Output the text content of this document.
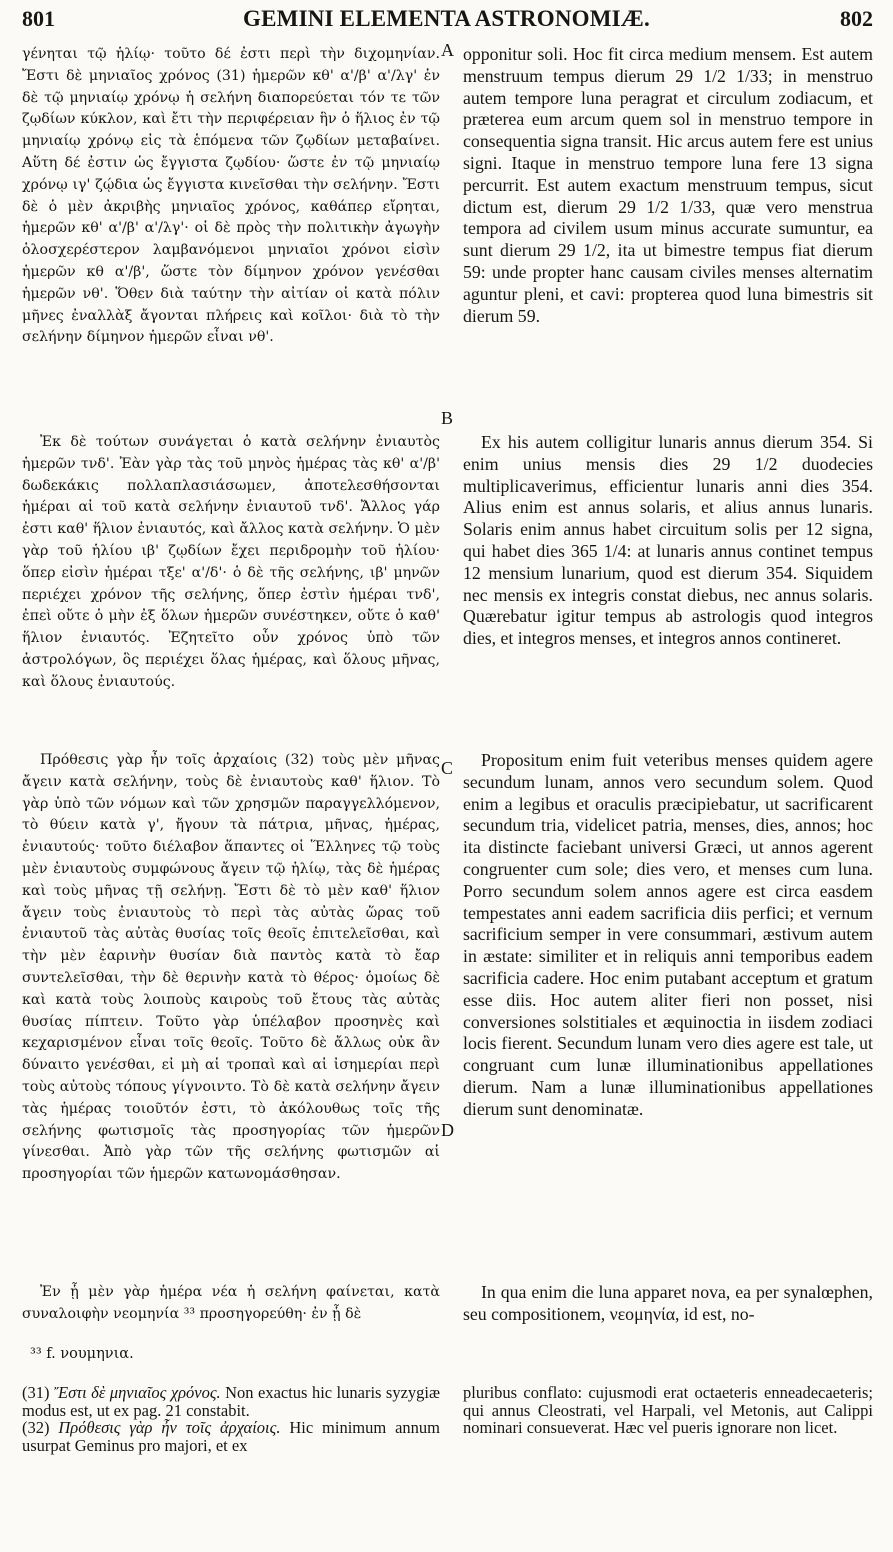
801	GEMINI ELEMENTA ASTRONOMIÆ.	802
A
B
C
D

γένηται τῷ ἡλίῳ· τοῦτο δέ ἐστι περὶ τὴν διχομηνίαν. Ἔστι δὲ μηνιαῖος χρόνος (31) ἡμερῶν κθ' α'/β' α'/λγ' ἐν δὲ τῷ μηνιαίῳ χρόνῳ ἡ σελήνη διαπορεύεται τόν τε τῶν ζῳδίων κύκλον, καὶ ἔτι τὴν περιφέρειαν ἣν ὁ ἥλιος ἐν τῷ μηνιαίῳ χρόνῳ εἰς τὰ ἑπόμενα τῶν ζῳδίων μεταβαίνει. Αὕτη δέ ἐστιν ὡς ἔγγιστα ζῳδίου· ὥστε ἐν τῷ μηνιαίῳ χρόνῳ ιγ' ζῴδια ὡς ἔγγιστα κινεῖσθαι τὴν σελήνην. Ἔστι δὲ ὁ μὲν ἀκριβὴς μηνιαῖος χρόνος, καθάπερ εἴρηται, ἡμερῶν κθ' α'/β' α'/λγ'· οἱ δὲ πρὸς τὴν πολιτικὴν ἀγωγὴν ὁλοσχερέστερον λαμβανόμενοι μηνιαῖοι χρόνοι εἰσὶν ἡμερῶν κθ α'/β', ὥστε τὸν δίμηνον χρόνον γενέσθαι ἡμερῶν νθ'. Ὅθεν διὰ ταύτην τὴν αἰτίαν οἱ κατὰ πόλιν μῆνες ἐναλλὰξ ἄγονται πλήρεις καὶ κοῖλοι· διὰ τὸ τὴν σελήνην δίμηνον ἡμερῶν εἶναι νθ'.

Ἐκ δὲ τούτων συνάγεται ὁ κατὰ σελήνην ἐνιαυτὸς ἡμερῶν τνδ'. Ἐὰν γὰρ τὰς τοῦ μηνὸς ἡμέρας τὰς κθ' α'/β' δωδεκάκις πολλαπλασιάσωμεν, ἀποτελεσθήσονται ἡμέραι αἱ τοῦ κατὰ σελήνην ἐνιαυτοῦ τνδ'. Ἄλλος γάρ ἐστι καθ' ἥλιον ἐνιαυτός, καὶ ἄλλος κατὰ σελήνην. Ὁ μὲν γὰρ τοῦ ἡλίου ιβ' ζῳδίων ἔχει περιδρομὴν τοῦ ἡλίου· ὅπερ εἰσὶν ἡμέραι τξε' α'/δ'· ὁ δὲ τῆς σελήνης, ιβ' μηνῶν περιέχει χρόνον τῆς σελήνης, ὅπερ ἐστὶν ἡμέραι τνδ', ἐπεὶ οὔτε ὁ μὴν ἐξ ὅλων ἡμερῶν συνέστηκεν, οὔτε ὁ καθ' ἥλιον ἐνιαυτός. Ἐζητεῖτο οὖν χρόνος ὑπὸ τῶν ἀστρολόγων, ὃς περιέχει ὅλας ἡμέρας, καὶ ὅλους μῆνας, καὶ ὅλους ἐνιαυτούς.

Πρόθεσις γὰρ ἦν τοῖς ἀρχαίοις (32) τοὺς μὲν μῆνας ἄγειν κατὰ σελήνην, τοὺς δὲ ἐνιαυτοὺς καθ' ἥλιον. Τὸ γὰρ ὑπὸ τῶν νόμων καὶ τῶν χρησμῶν παραγγελλόμενον, τὸ θύειν κατὰ γ', ἤγουν τὰ πάτρια, μῆνας, ἡμέρας, ἐνιαυτούς· τοῦτο διέλαβον ἅπαντες οἱ Ἕλληνες τῷ τοὺς μὲν ἐνιαυτοὺς συμφώνους ἄγειν τῷ ἡλίῳ, τὰς δὲ ἡμέρας καὶ τοὺς μῆνας τῇ σελήνῃ. Ἔστι δὲ τὸ μὲν καθ' ἥλιον ἄγειν τοὺς ἐνιαυτοὺς τὸ περὶ τὰς αὐτὰς ὥρας τοῦ ἐνιαυτοῦ τὰς αὐτὰς θυσίας τοῖς θεοῖς ἐπιτελεῖσθαι, καὶ τὴν μὲν ἐαρινὴν θυσίαν διὰ παντὸς κατὰ τὸ ἔαρ συντελεῖσθαι, τὴν δὲ θερινὴν κατὰ τὸ θέρος· ὁμοίως δὲ καὶ κατὰ τοὺς λοιποὺς καιροὺς τοῦ ἔτους τὰς αὐτὰς θυσίας πίπτειν. Τοῦτο γὰρ ὑπέλαβον προσηνὲς καὶ κεχαρισμένον εἶναι τοῖς θεοῖς. Τοῦτο δὲ ἄλλως οὐκ ἂν δύναιτο γενέσθαι, εἰ μὴ αἱ τροπαὶ καὶ αἱ ἰσημερίαι περὶ τοὺς αὐτοὺς τόπους γίγνοιντο. Τὸ δὲ κατὰ σελήνην ἄγειν τὰς ἡμέρας τοιοῦτόν ἐστι, τὸ ἀκόλουθως τοῖς τῆς σελήνης φωτισμοῖς τὰς προσηγορίας τῶν ἡμερῶν γίνεσθαι. Ἀπὸ γὰρ τῶν τῆς σελήνης φωτισμῶν αἱ προσηγορίαι τῶν ἡμερῶν κατωνομάσθησαν.

Ἐν ᾗ μὲν γὰρ ἡμέρα νέα ἡ σελήνη φαίνεται, κατὰ συναλοιφὴν νεομηνία ³³ προσηγορεύθη· ἐν ᾗ δὲ

³³ f. νουμηνια.

opponitur soli. Hoc fit circa medium mensem. Est autem menstruum tempus dierum 29 1/2 1/33; in menstruo autem tempore luna peragrat et circulum zodiacum, et præterea eum arcum quem sol in menstruo tempore in consequentia signa transit. Hic arcus autem fere est unius signi. Itaque in menstruo tempore luna fere 13 signa percurrit. Est autem exactum menstruum tempus, sicut dictum est, dierum 29 1/2 1/33, quæ vero menstrua tempora ad civilem usum minus accurate sumuntur, ea sunt dierum 29 1/2, ita ut bimestre tempus fiat dierum 59: unde propter hanc causam civiles menses alternatim aguntur pleni, et cavi: propterea quod luna bimestris sit dierum 59.

Ex his autem colligitur lunaris annus dierum 354. Si enim unius mensis dies 29 1/2 duodecies multiplicaverimus, efficientur lunaris anni dies 354. Alius enim est annus solaris, et alius annus lunaris. Solaris enim annus habet circuitum solis per 12 signa, qui habet dies 365 1/4: at lunaris annus continet tempus 12 mensium lunarium, quod est dierum 354. Siquidem nec mensis ex integris constat diebus, nec annus solaris. Quærebatur igitur tempus ab astrologis quod integros dies, et integros menses, et integros annos contineret.

Propositum enim fuit veteribus menses quidem agere secundum lunam, annos vero secundum solem. Quod enim a legibus et oraculis præcipiebatur, ut sacrificarent secundum tria, videlicet patria, menses, dies, annos; hoc ita distincte faciebant universi Græci, ut annos agerent congruenter cum sole; dies vero, et menses cum luna. Porro secundum solem annos agere est circa easdem tempestates anni eadem sacrificia diis perfici; et vernum sacrificium semper in vere consummari, æstivum autem in æstate: similiter et in reliquis anni temporibus eadem sacrificia cadere. Hoc enim putabant acceptum et gratum esse diis. Hoc autem aliter fieri non posset, nisi conversiones solstitiales et æquinoctia in iisdem zodiaci locis fierent. Secundum lunam vero dies agere est tale, ut congruant cum lunæ illuminationibus appellationes dierum. Nam a lunæ illuminationibus appellationes dierum sunt denominatæ.

In qua enim die luna apparet nova, ea per synalœphen, seu compositionem, νεομηνία, id est, no-

(31) Ἔστι δὲ μηνιαῖος χρόνος. Non exactus hic lunaris syzygiæ modus est, ut ex pag. 21 constabit.

(32) Πρόθεσις γὰρ ἦν τοῖς ἀρχαίοις. Hic minimum annum usurpat Geminus pro majori, et ex

pluribus conflato: cujusmodi erat octaeteris enneadecaeteris; qui annus Cleostrati, vel Harpali, vel Metonis, aut Calippi nominari consueverat. Hæc vel pueris ignorare non licet.
